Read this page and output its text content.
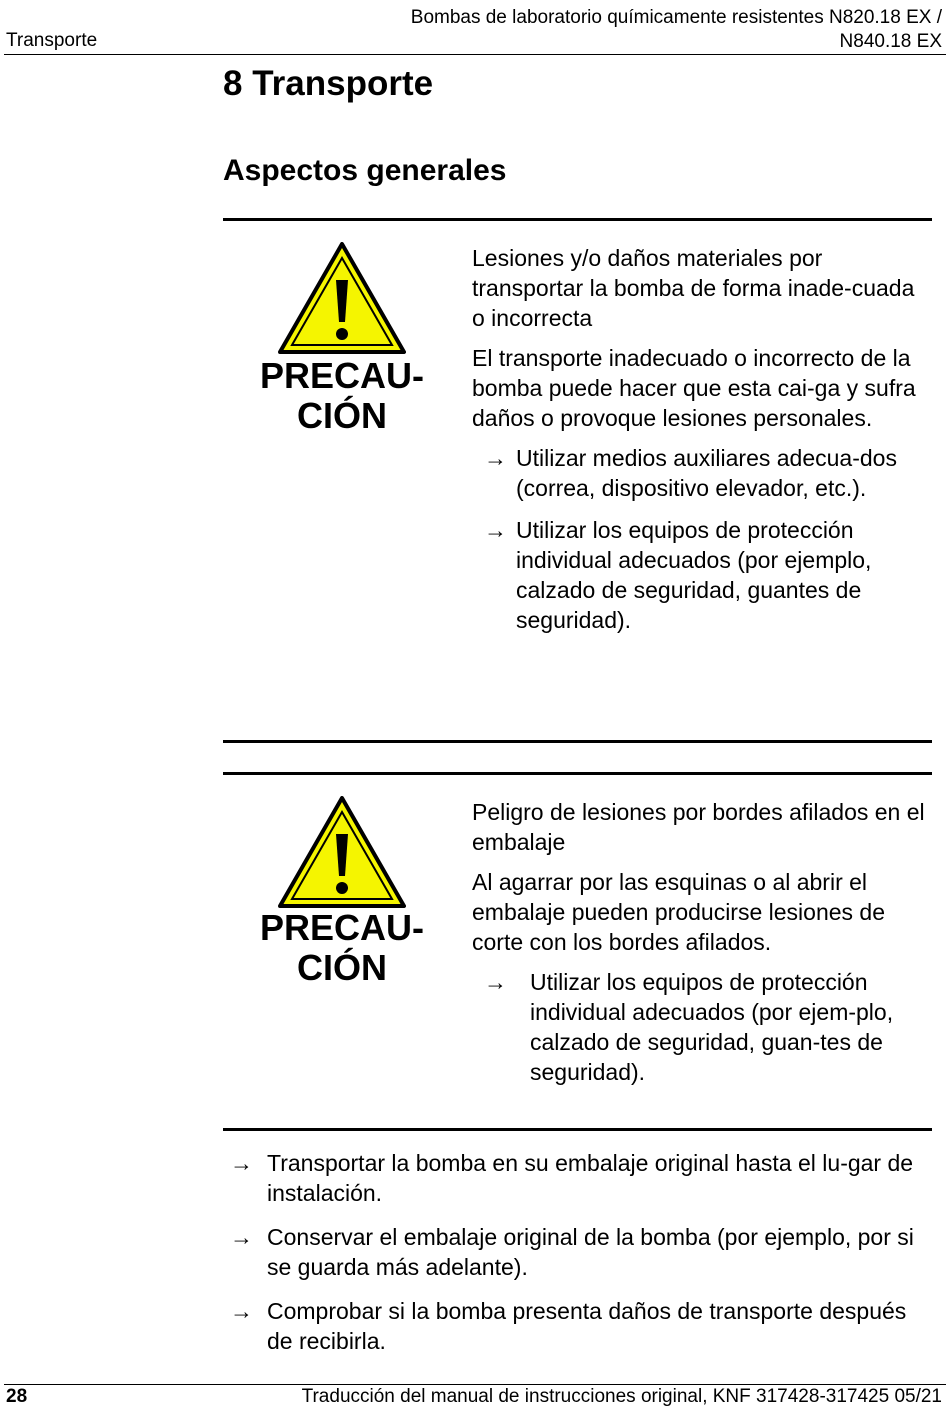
Transporte
Bombas de laboratorio químicamente resistentes N820.18 EX /
N840.18 EX
8 Transporte
Aspectos generales
PRECAU-
CIÓN
Lesiones y/o daños materiales por transportar la bomba de forma inade-cuada o incorrecta
El transporte inadecuado o incorrecto de la bomba puede hacer que esta cai-ga y sufra daños o provoque lesiones personales.
→ Utilizar medios auxiliares adecua-dos (correa, dispositivo elevador, etc.).
→ Utilizar los equipos de protección individual adecuados (por ejemplo, calzado de seguridad, guantes de seguridad).
PRECAU-
CIÓN
Peligro de lesiones por bordes afilados en el embalaje
Al agarrar por las esquinas o al abrir el embalaje pueden producirse lesiones de corte con los bordes afilados.
→ Utilizar los equipos de protección individual adecuados (por ejem-plo, calzado de seguridad, guan-tes de seguridad).
→ Transportar la bomba en su embalaje original hasta el lu-gar de instalación.
→ Conservar el embalaje original de la bomba (por ejemplo, por si se guarda más adelante).
→ Comprobar si la bomba presenta daños de transporte después de recibirla.
28	Traducción del manual de instrucciones original, KNF 317428-317425 05/21
